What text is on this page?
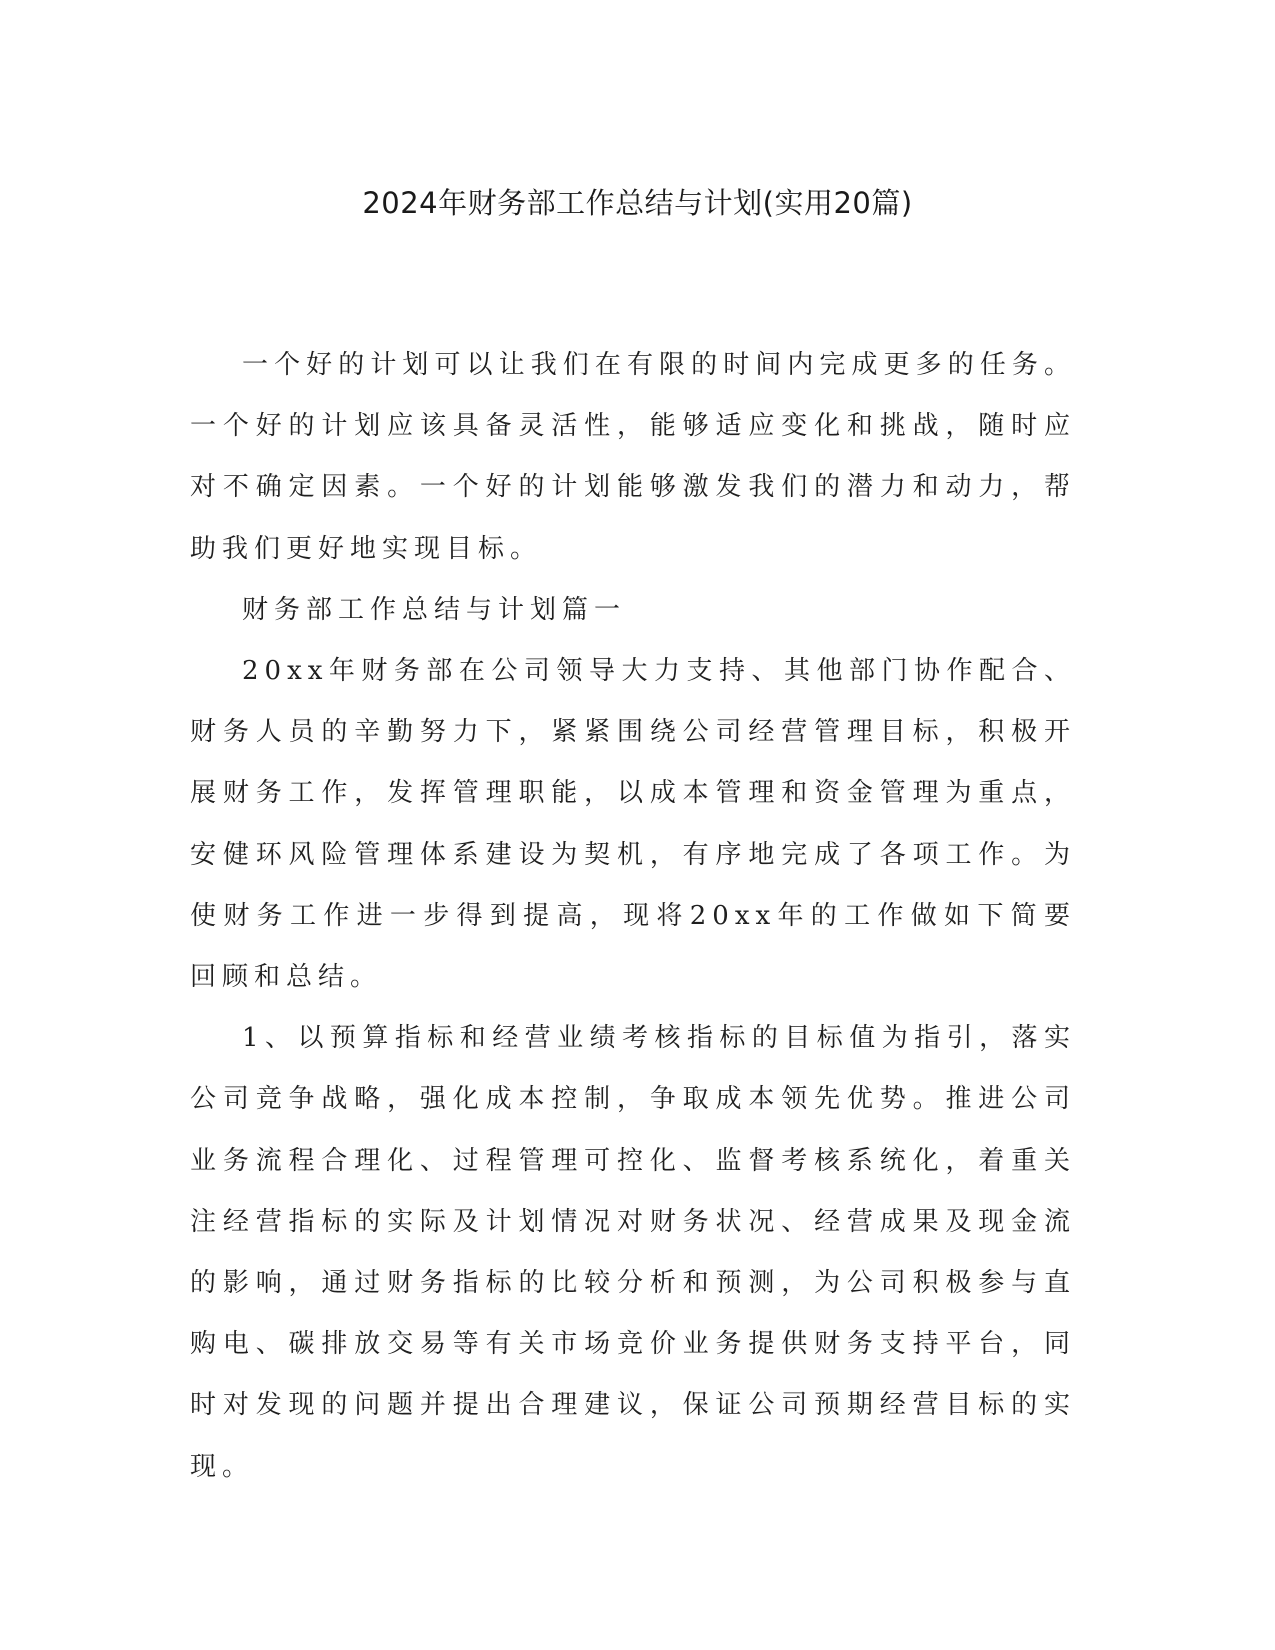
2024年财务部工作总结与计划(实用20篇)

一个好的计划可以让我们在有限的时间内完成更多的任务。一个好的计划应该具备灵活性，能够适应变化和挑战，随时应对不确定因素。一个好的计划能够激发我们的潜力和动力，帮助我们更好地实现目标。

财务部工作总结与计划篇一

20xx年财务部在公司领导大力支持、其他部门协作配合、财务人员的辛勤努力下，紧紧围绕公司经营管理目标，积极开展财务工作，发挥管理职能，以成本管理和资金管理为重点，安健环风险管理体系建设为契机，有序地完成了各项工作。为使财务工作进一步得到提高，现将20xx年的工作做如下简要回顾和总结。

1、以预算指标和经营业绩考核指标的目标值为指引，落实公司竞争战略，强化成本控制，争取成本领先优势。推进公司业务流程合理化、过程管理可控化、监督考核系统化，着重关注经营指标的实际及计划情况对财务状况、经营成果及现金流的影响，通过财务指标的比较分析和预测，为公司积极参与直购电、碳排放交易等有关市场竞价业务提供财务支持平台，同时对发现的问题并提出合理建议，保证公司预期经营目标的实现。
